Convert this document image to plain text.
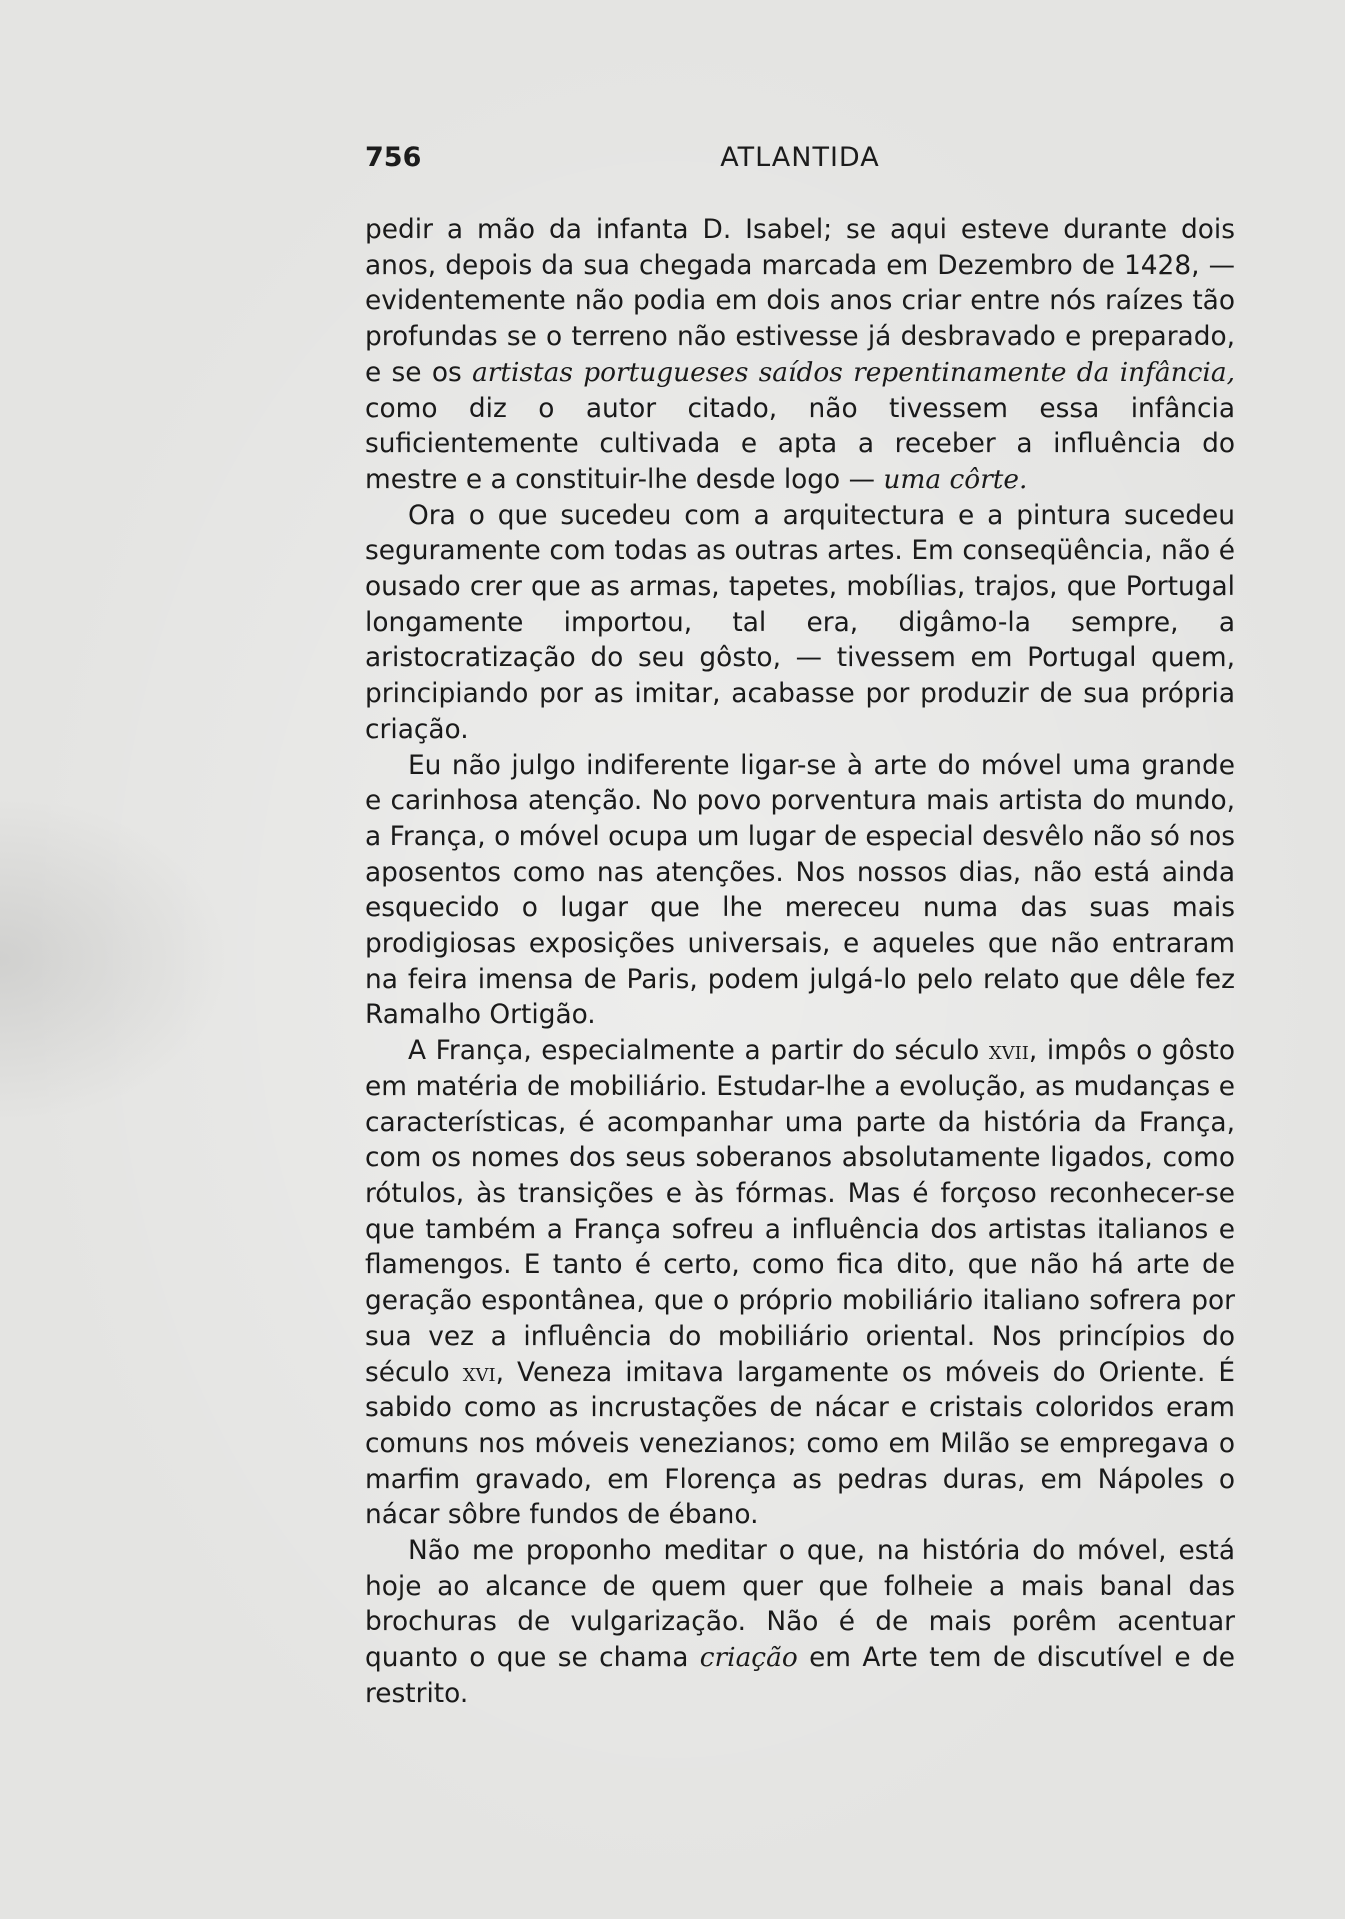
756	ATLANTIDA

pedir a mão da infanta D. Isabel; se aqui esteve durante dois anos, depois da sua chegada marcada em Dezembro de 1428, — evidentemente não podia em dois anos criar entre nós raízes tão profundas se o terreno não estivesse já desbravado e preparado, e se os artistas portugueses saídos repentinamente da infância, como diz o autor citado, não tivessem essa infância suficientemente cultivada e apta a receber a influência do mestre e a constituir-lhe desde logo — uma côrte.

Ora o que sucedeu com a arquitectura e a pintura sucedeu seguramente com todas as outras artes. Em conseqüência, não é ousado crer que as armas, tapetes, mobílias, trajos, que Portugal longamente importou, tal era, digâmo-la sempre, a aristocratização do seu gôsto, — tivessem em Portugal quem, principiando por as imitar, acabasse por produzir de sua própria criação.

Eu não julgo indiferente ligar-se à arte do móvel uma grande e carinhosa atenção. No povo porventura mais artista do mundo, a França, o móvel ocupa um lugar de especial desvêlo não só nos aposentos como nas atenções. Nos nossos dias, não está ainda esquecido o lugar que lhe mereceu numa das suas mais prodigiosas exposições universais, e aqueles que não entraram na feira imensa de Paris, podem julgá-lo pelo relato que dêle fez Ramalho Ortigão.

A França, especialmente a partir do século xvii, impôs o gôsto em matéria de mobiliário. Estudar-lhe a evolução, as mudanças e características, é acompanhar uma parte da história da França, com os nomes dos seus soberanos absolutamente ligados, como rótulos, às transições e às fórmas. Mas é forçoso reconhecer-se que também a França sofreu a influência dos artistas italianos e flamengos. E tanto é certo, como fica dito, que não há arte de geração espontânea, que o próprio mobiliário italiano sofrera por sua vez a influência do mobiliário oriental. Nos princípios do século xvi, Veneza imitava largamente os móveis do Oriente. É sabido como as incrustações de nácar e cristais coloridos eram comuns nos móveis venezianos; como em Milão se empregava o marfim gravado, em Florença as pedras duras, em Nápoles o nácar sôbre fundos de ébano.

Não me proponho meditar o que, na história do móvel, está hoje ao alcance de quem quer que folheie a mais banal das brochuras de vulgarização. Não é de mais porêm acentuar quanto o que se chama criação em Arte tem de discutível e de restrito.
